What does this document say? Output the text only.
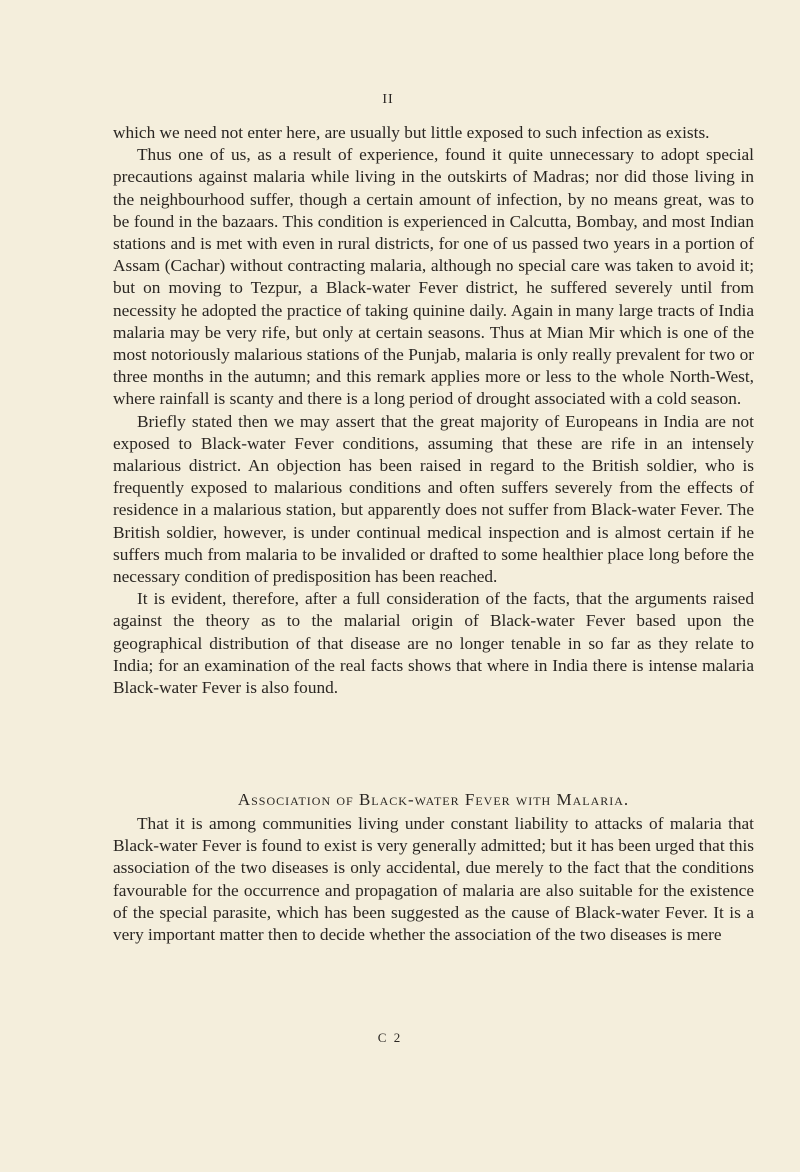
II

which we need not enter here, are usually but little exposed to such infection as exists.

Thus one of us, as a result of experience, found it quite unnecessary to adopt special precautions against malaria while living in the outskirts of Madras; nor did those living in the neighbourhood suffer, though a certain amount of infection, by no means great, was to be found in the bazaars. This condition is experienced in Calcutta, Bombay, and most Indian stations and is met with even in rural districts, for one of us passed two years in a portion of Assam (Cachar) without contracting malaria, although no special care was taken to avoid it; but on moving to Tezpur, a Black-water Fever district, he suffered severely until from necessity he adopted the practice of taking quinine daily. Again in many large tracts of India malaria may be very rife, but only at certain seasons. Thus at Mian Mir which is one of the most notoriously malarious stations of the Punjab, malaria is only really prevalent for two or three months in the autumn; and this remark applies more or less to the whole North-West, where rainfall is scanty and there is a long period of drought associated with a cold season.

Briefly stated then we may assert that the great majority of Europeans in India are not exposed to Black-water Fever conditions, assuming that these are rife in an intensely malarious district. An objection has been raised in regard to the British soldier, who is frequently exposed to malarious conditions and often suffers severely from the effects of residence in a malarious station, but apparently does not suffer from Black-water Fever. The British soldier, however, is under continual medical inspection and is almost certain if he suffers much from malaria to be invalided or drafted to some healthier place long before the necessary condition of predisposition has been reached.

It is evident, therefore, after a full consideration of the facts, that the arguments raised against the theory as to the malarial origin of Black-water Fever based upon the geographical distribution of that disease are no longer tenable in so far as they relate to India; for an examination of the real facts shows that where in India there is intense malaria Black-water Fever is also found.

Association of Black-water Fever with Malaria.

That it is among communities living under constant liability to attacks of malaria that Black-water Fever is found to exist is very generally admitted; but it has been urged that this association of the two diseases is only accidental, due merely to the fact that the conditions favourable for the occurrence and propagation of malaria are also suitable for the existence of the special parasite, which has been suggested as the cause of Black-water Fever. It is a very important matter then to decide whether the association of the two diseases is mere

C 2
